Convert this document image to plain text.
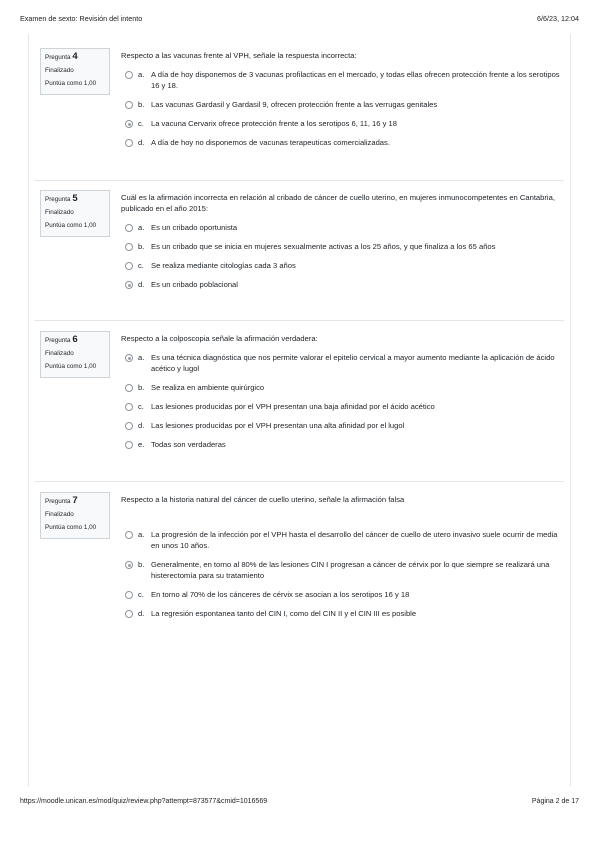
Examen de sexto: Revisión del intento	6/6/23, 12:04
Pregunta 4
Finalizado
Puntúa como 1,00
Respecto a las vacunas frente al VPH, señale la respuesta incorrecta:
a. A día de hoy disponemos de 3 vacunas profilacticas en el mercado, y todas ellas ofrecen protección frente a los serotipos 16 y 18.
b. Las vacunas Gardasil y Gardasil 9, ofrecen protección frente a las verrugas genitales
c. La vacuna Cervarix ofrece protección frente a los serotipos 6, 11, 16 y 18
d. A día de hoy no disponemos de vacunas terapeuticas comercializadas.
Pregunta 5
Finalizado
Puntúa como 1,00
Cuál es la afirmación incorrecta en relación al cribado de cáncer de cuello uterino, en mujeres inmunocompetentes en Cantabria, publicado en el año 2015:
a. Es un cribado oportunista
b. Es un cribado que se inicia en mujeres sexualmente activas a los 25 años, y que finaliza a los 65 años
c. Se realiza mediante citologías cada 3 años
d. Es un cribado poblacional
Pregunta 6
Finalizado
Puntúa como 1,00
Respecto a la colposcopia señale la afirmación verdadera:
a. Es una técnica diagnóstica que nos permite valorar el epitelio cervical a mayor aumento mediante la aplicación de ácido acético y lugol
b. Se realiza en ambiente quirúrgico
c. Las lesiones producidas por el VPH presentan una baja afinidad por el ácido acético
d. Las lesiones producidas por el VPH presentan una alta afinidad por el lugol
e. Todas son verdaderas
Pregunta 7
Finalizado
Puntúa como 1,00
Respecto a la historia natural del cáncer de cuello uterino, señale la afirmación falsa
a. La progresión de la infección por el VPH hasta el desarrollo del cáncer de cuello de utero invasivo suele ocurrir de media en unos 10 años.
b. Generalmente, en torno al 80% de las lesiones CIN I progresan a cáncer de cérvix por lo que siempre se realizará una histerectomía para su tratamiento
c. En torno al 70% de los cánceres de cérvix se asocian a los serotipos 16 y 18
d. La regresión espontanea tanto del CIN I, como del CIN II y el CIN III es posible
https://moodle.unican.es/mod/quiz/review.php?attempt=873577&cmid=1016569	Página 2 de 17
